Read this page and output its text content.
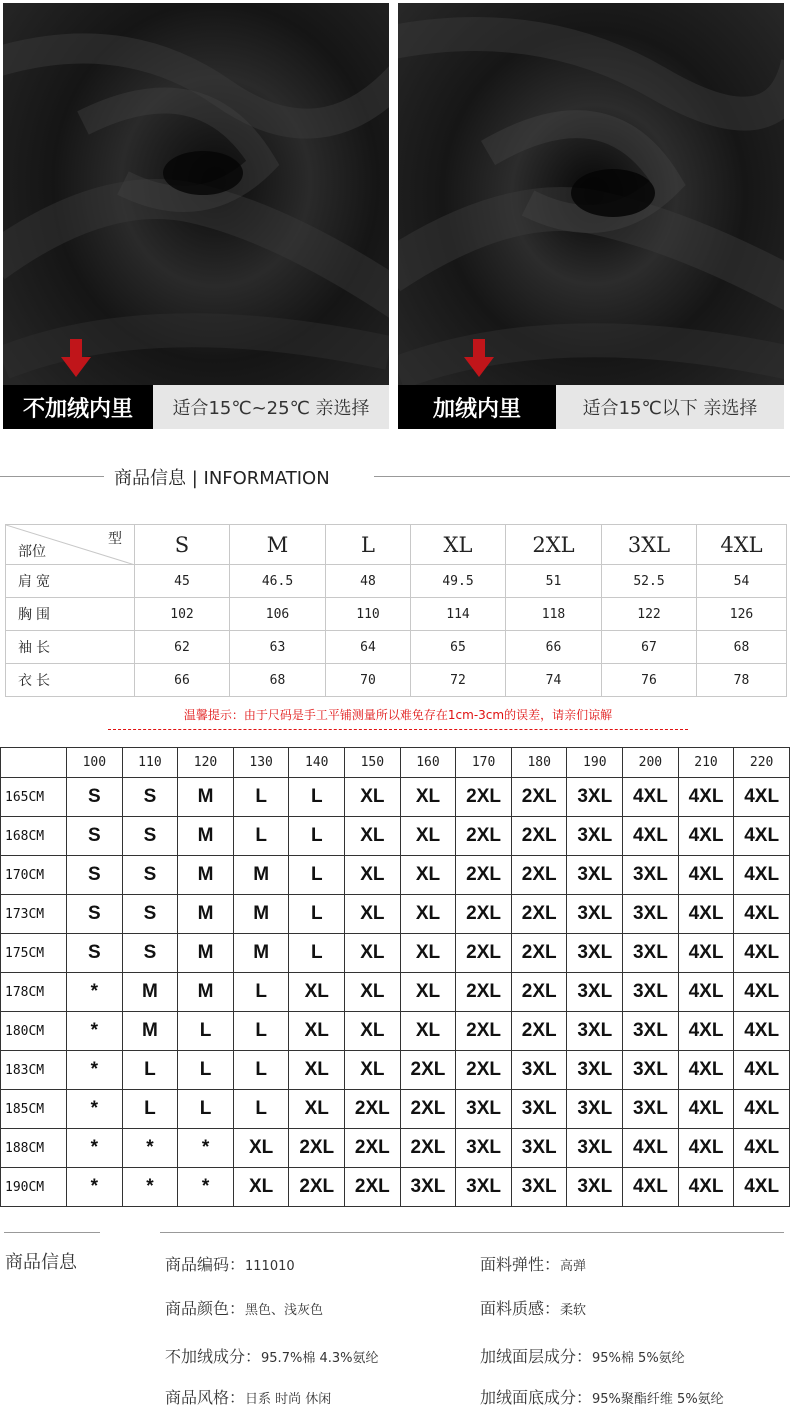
不加绒内里	适合15℃~25℃ 亲选择	加绒内里	适合15℃以下 亲选择
商品信息 | INFORMATION
型
部位	S	M	L	XL	2XL	3XL	4XL
肩宽	45	46.5	48	49.5	51	52.5	54
胸围	102	106	110	114	118	122	126
袖长	62	63	64	65	66	67	68
衣长	66	68	70	72	74	76	78
温馨提示：由于尺码是手工平铺测量所以难免存在1cm-3cm的误差，请亲们谅解
	100	110	120	130	140	150	160	170	180	190	200	210	220
165CM	S	S	M	L	L	XL	XL	2XL	2XL	3XL	4XL	4XL	4XL
168CM	S	S	M	L	L	XL	XL	2XL	2XL	3XL	4XL	4XL	4XL
170CM	S	S	M	M	L	XL	XL	2XL	2XL	3XL	3XL	4XL	4XL
173CM	S	S	M	M	L	XL	XL	2XL	2XL	3XL	3XL	4XL	4XL
175CM	S	S	M	M	L	XL	XL	2XL	2XL	3XL	3XL	4XL	4XL
178CM	*	M	M	L	XL	XL	XL	2XL	2XL	3XL	3XL	4XL	4XL
180CM	*	M	L	L	XL	XL	XL	2XL	2XL	3XL	3XL	4XL	4XL
183CM	*	L	L	L	XL	XL	2XL	2XL	3XL	3XL	3XL	4XL	4XL
185CM	*	L	L	L	XL	2XL	2XL	3XL	3XL	3XL	3XL	4XL	4XL
188CM	*	*	*	XL	2XL	2XL	2XL	3XL	3XL	3XL	4XL	4XL	4XL
190CM	*	*	*	XL	2XL	2XL	3XL	3XL	3XL	3XL	4XL	4XL	4XL
商品信息	商品编码：111010	面料弹性：高弹
商品颜色：黑色、浅灰色	面料质感：柔软
不加绒成分：95.7%棉 4.3%氨纶	加绒面层成分：95%棉 5%氨纶
商品风格：日系 时尚 休闲	加绒面底成分：95%聚酯纤维 5%氨纶
